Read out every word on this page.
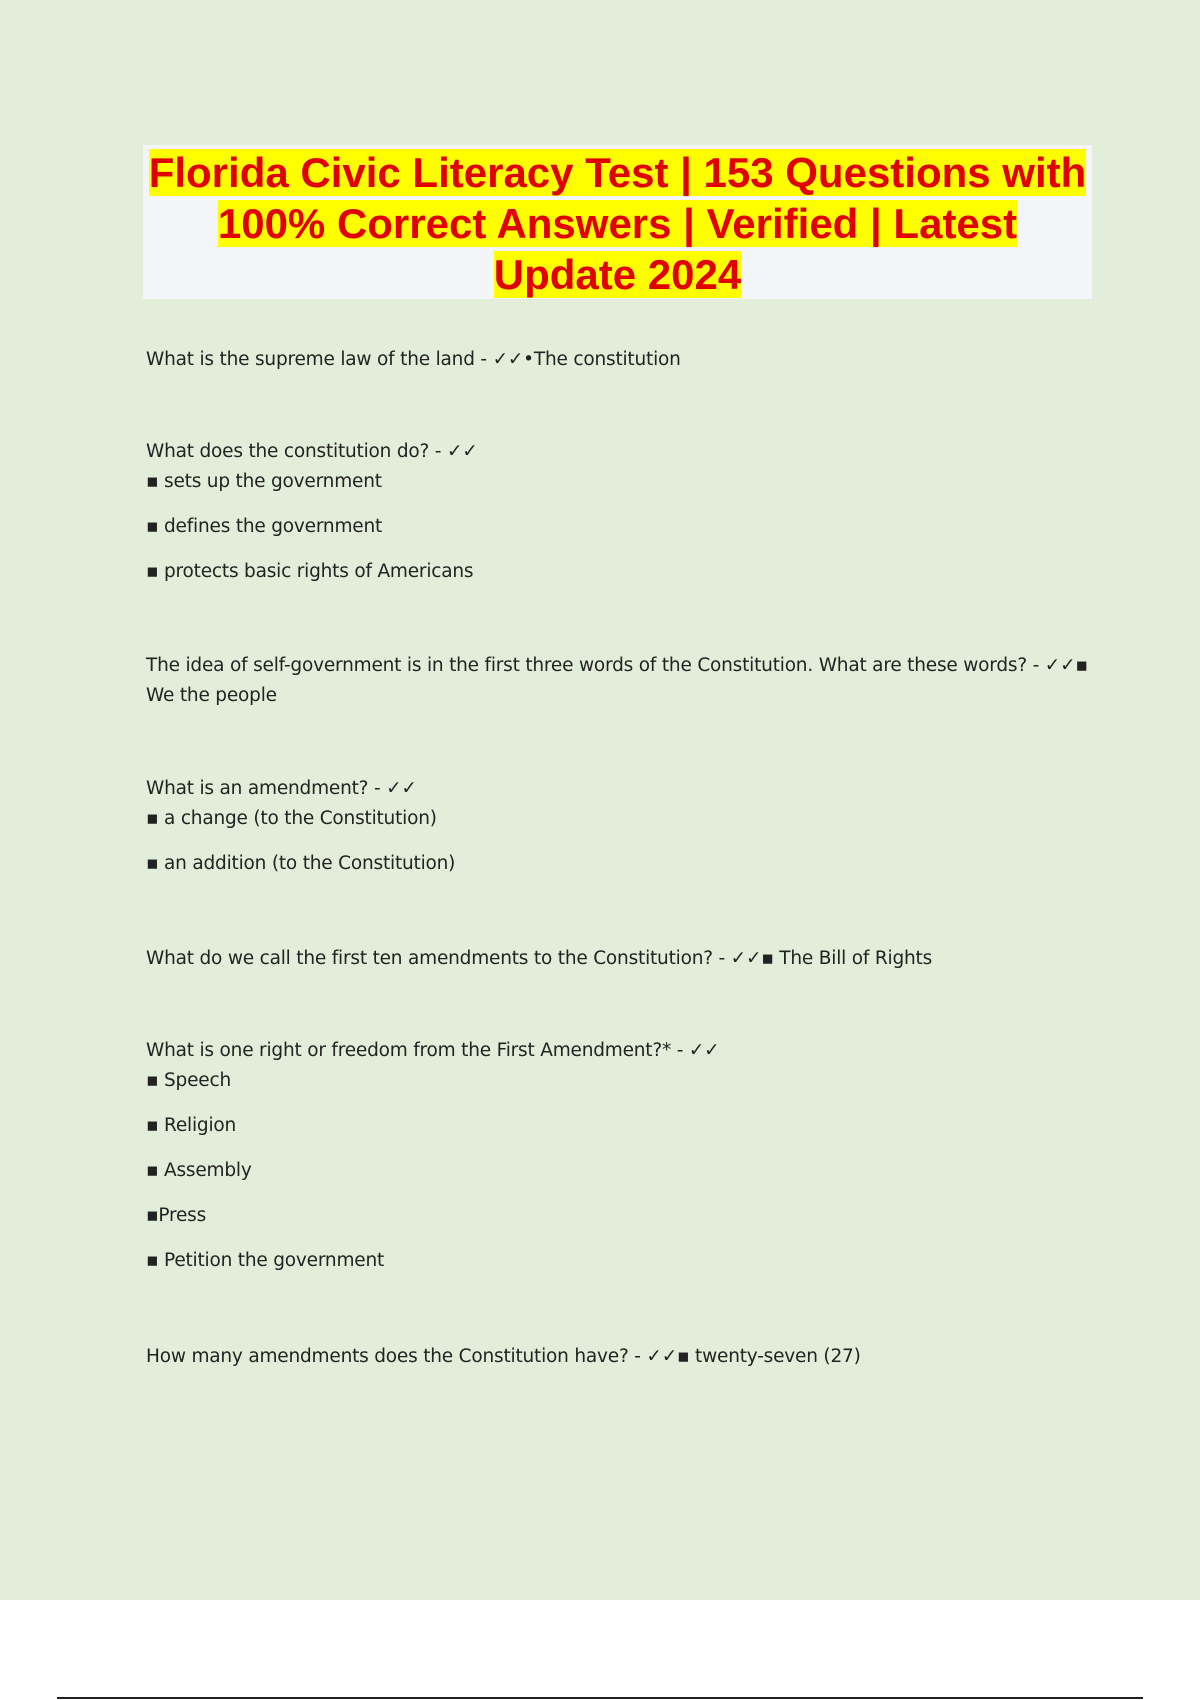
Florida Civic Literacy Test | 153 Questions with 100% Correct Answers | Verified | Latest Update 2024
What is the supreme law of the land - ✓✓•The constitution
What does the constitution do? - ✓✓
▪ sets up the government
▪ defines the government
▪ protects basic rights of Americans
The idea of self-government is in the first three words of the Constitution. What are these words? - ✓✓▪ We the people
What is an amendment? - ✓✓
▪ a change (to the Constitution)
▪ an addition (to the Constitution)
What do we call the first ten amendments to the Constitution? - ✓✓▪ The Bill of Rights
What is one right or freedom from the First Amendment?* - ✓✓
▪ Speech
▪ Religion
▪ Assembly
▪Press
▪ Petition the government
How many amendments does the Constitution have? - ✓✓▪ twenty-seven (27)
